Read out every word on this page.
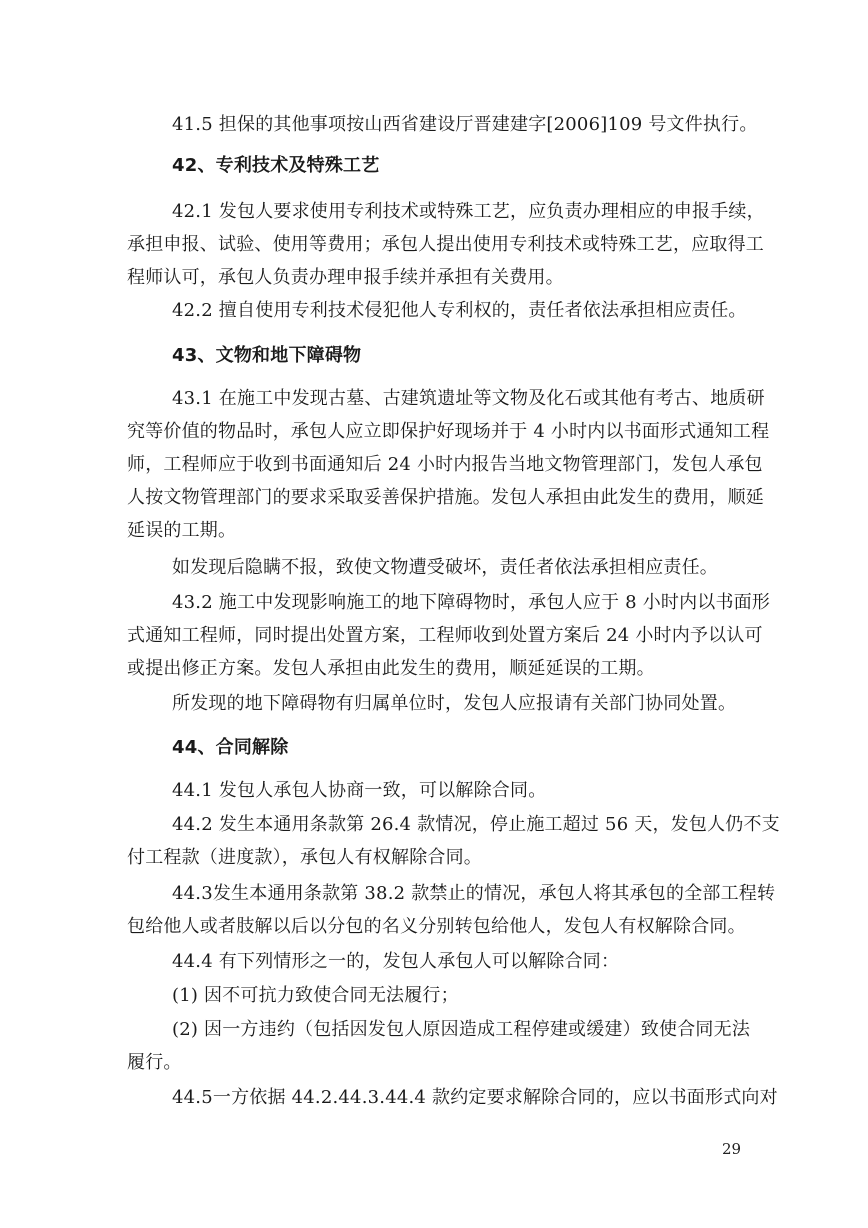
41.5 担保的其他事项按山西省建设厅晋建建字[2006]109 号文件执行。
42、专利技术及特殊工艺
42.1 发包人要求使用专利技术或特殊工艺，应负责办理相应的申报手续，
承担申报、试验、使用等费用；承包人提出使用专利技术或特殊工艺，应取得工
程师认可，承包人负责办理申报手续并承担有关费用。
42.2 擅自使用专利技术侵犯他人专利权的，责任者依法承担相应责任。
43、文物和地下障碍物
43.1 在施工中发现古墓、古建筑遗址等文物及化石或其他有考古、地质研
究等价值的物品时，承包人应立即保护好现场并于 4 小时内以书面形式通知工程
师，工程师应于收到书面通知后 24 小时内报告当地文物管理部门，发包人承包
人按文物管理部门的要求采取妥善保护措施。发包人承担由此发生的费用，顺延
延误的工期。
如发现后隐瞒不报，致使文物遭受破坏，责任者依法承担相应责任。
43.2 施工中发现影响施工的地下障碍物时，承包人应于 8 小时内以书面形
式通知工程师，同时提出处置方案，工程师收到处置方案后 24 小时内予以认可
或提出修正方案。发包人承担由此发生的费用，顺延延误的工期。
所发现的地下障碍物有归属单位时，发包人应报请有关部门协同处置。
44、合同解除
44.1 发包人承包人协商一致，可以解除合同。
44.2 发生本通用条款第 26.4 款情况，停止施工超过 56 天，发包人仍不支
付工程款（进度款），承包人有权解除合同。
44.3发生本通用条款第 38.2 款禁止的情况，承包人将其承包的全部工程转
包给他人或者肢解以后以分包的名义分别转包给他人，发包人有权解除合同。
44.4 有下列情形之一的，发包人承包人可以解除合同：
(1) 因不可抗力致使合同无法履行；
(2) 因一方违约（包括因发包人原因造成工程停建或缓建）致使合同无法
履行。
44.5一方依据 44.2.44.3.44.4 款约定要求解除合同的，应以书面形式向对
29
